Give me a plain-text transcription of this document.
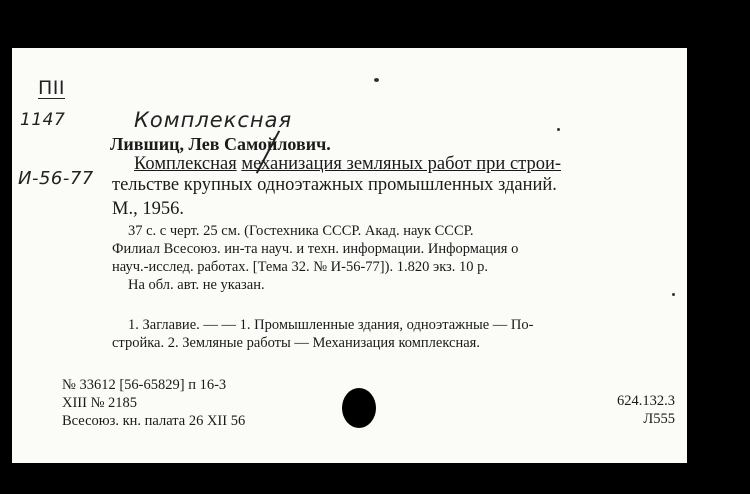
ПII
1147
И-56-77
Комплексная
Лившиц, Лев Самойлович.
Комплексная механизация земляных работ при строи-
тельстве крупных одноэтажных промышленных зданий.
М., 1956.
37 с. с черт. 25 см. (Гостехника СССР. Акад. наук СССР.
Филиал Всесоюз. ин-та науч. и техн. информации. Информация о
науч.-исслед. работах. [Тема 32. № И-56-77]). 1.820 экз. 10 р.
На обл. авт. не указан.
1. Заглавие. — — 1. Промышленные здания, одноэтажные — По-
стройка. 2. Земляные работы — Механизация комплексная.
№ 33612 [56-65829] п 16-3
XIII № 2185
Всесоюз. кн. палата 26 XII 56
624.132.3
Л555
